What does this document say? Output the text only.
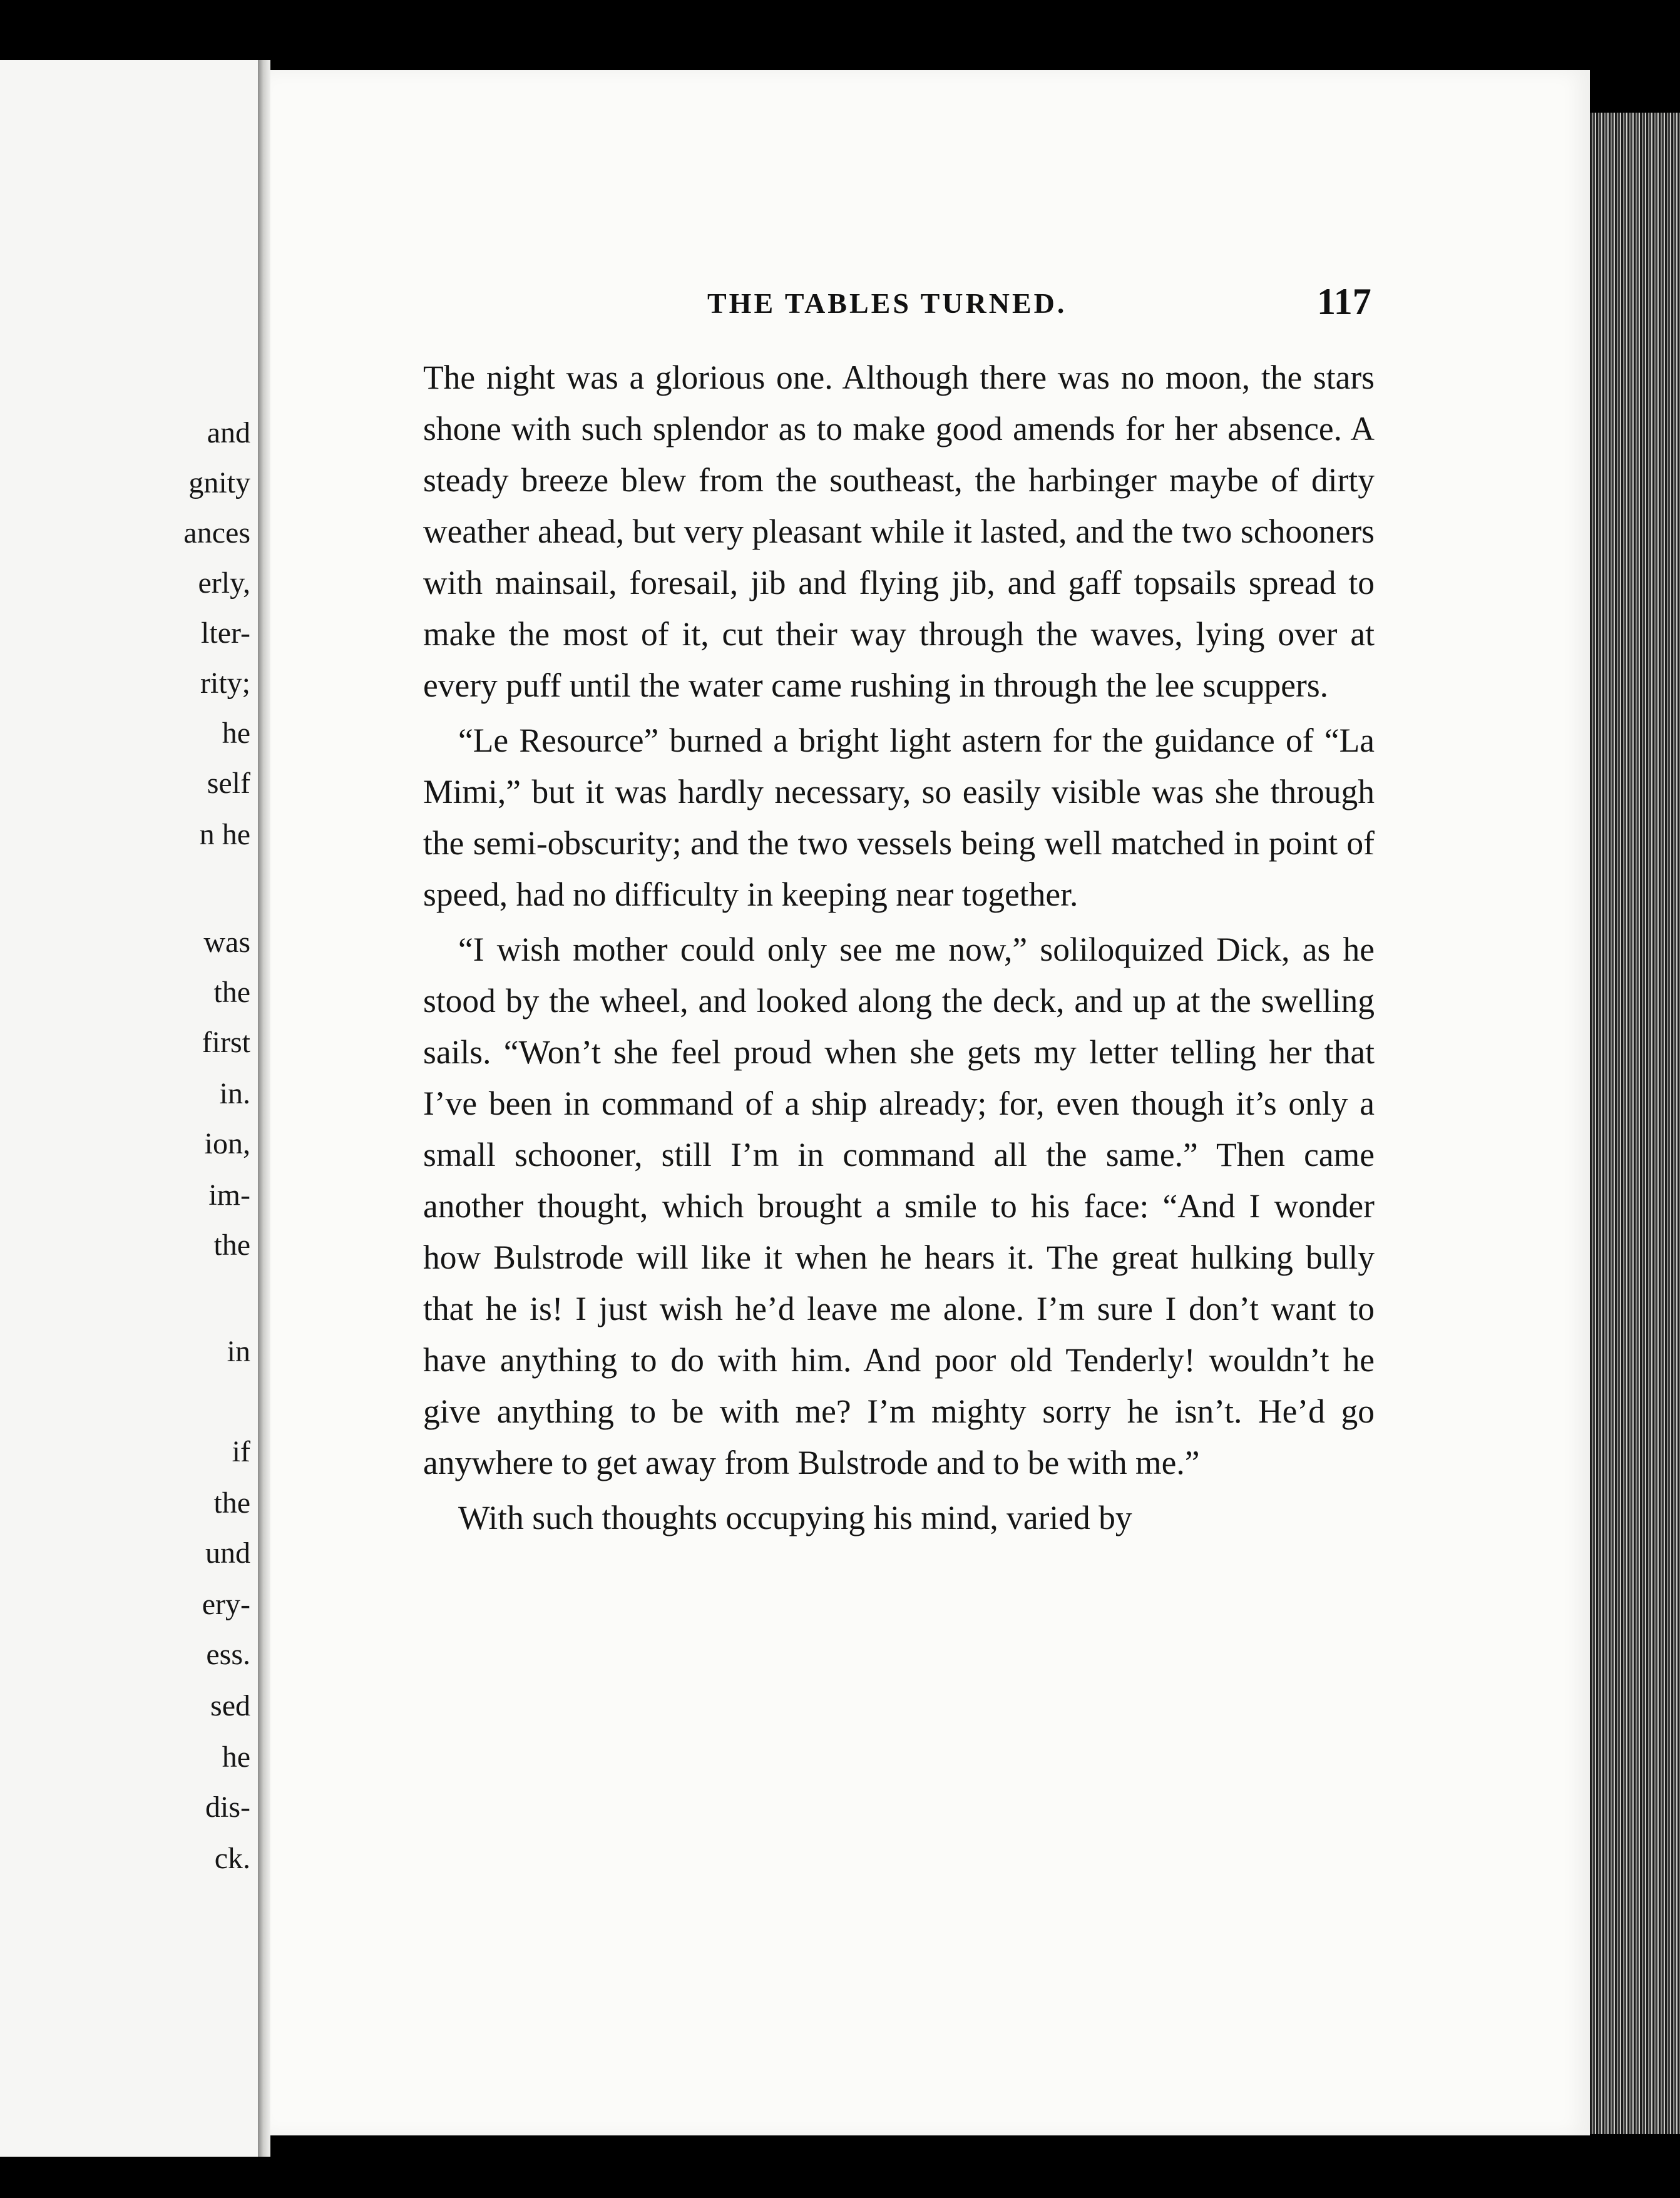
and
gnity
ances
erly,
lter-
rity;
he
self
n he
was
the
first
in.
ion,
im-
the
in
if
the
und
ery-
ess.
sed
he
dis-
ck.
THE TABLES TURNED.	117

The night was a glorious one. Although there was no moon, the stars shone with such splendor as to make good amends for her absence. A steady breeze blew from the southeast, the harbinger maybe of dirty weather ahead, but very pleasant while it lasted, and the two schooners with mainsail, foresail, jib and flying jib, and gaff topsails spread to make the most of it, cut their way through the waves, lying over at every puff until the water came rushing in through the lee scuppers.

“Le Resource” burned a bright light astern for the guidance of “La Mimi,” but it was hardly necessary, so easily visible was she through the semi-obscurity; and the two vessels being well matched in point of speed, had no difficulty in keeping near together.

“I wish mother could only see me now,” soliloquized Dick, as he stood by the wheel, and looked along the deck, and up at the swelling sails. “Won’t she feel proud when she gets my letter telling her that I’ve been in command of a ship already; for, even though it’s only a small schooner, still I’m in command all the same.” Then came another thought, which brought a smile to his face: “And I wonder how Bulstrode will like it when he hears it. The great hulking bully that he is! I just wish he’d leave me alone. I’m sure I don’t want to have anything to do with him. And poor old Tenderly! wouldn’t he give anything to be with me? I’m mighty sorry he isn’t. He’d go anywhere to get away from Bulstrode and to be with me.”

With such thoughts occupying his mind, varied by
